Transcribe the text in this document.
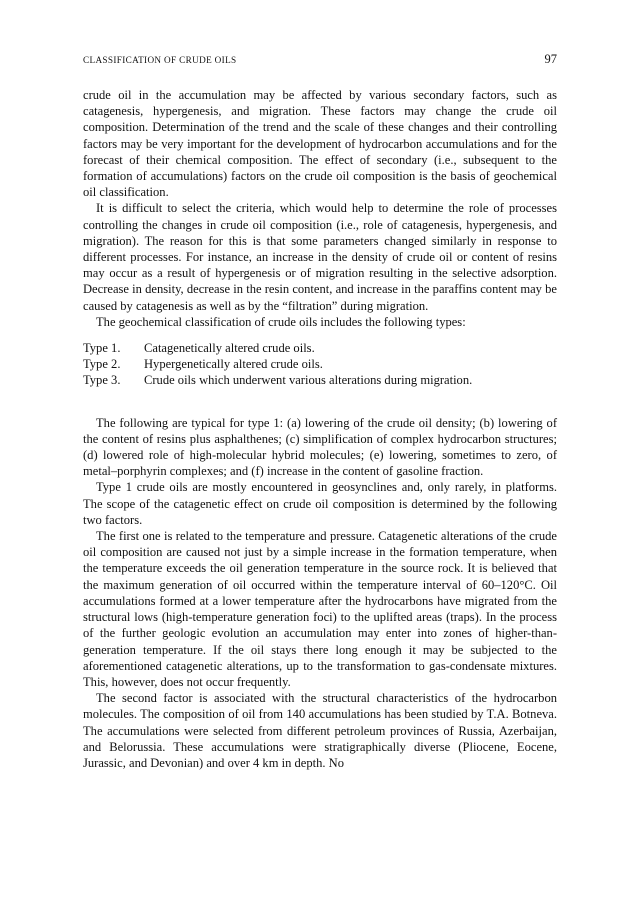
CLASSIFICATION OF CRUDE OILS	97

crude oil in the accumulation may be affected by various secondary factors, such as catagenesis, hypergenesis, and migration. These factors may change the crude oil composition. Determination of the trend and the scale of these changes and their controlling factors may be very important for the development of hydrocarbon accumulations and for the forecast of their chemical composition. The effect of secondary (i.e., subsequent to the formation of accumulations) factors on the crude oil composition is the basis of geochemical oil classification.

It is difficult to select the criteria, which would help to determine the role of processes controlling the changes in crude oil composition (i.e., role of catagenesis, hypergenesis, and migration). The reason for this is that some parameters changed similarly in response to different processes. For instance, an increase in the density of crude oil or content of resins may occur as a result of hypergenesis or of migration resulting in the selective adsorption. Decrease in density, decrease in the resin content, and increase in the paraffins content may be caused by catagenesis as well as by the “filtration” during migration.

The geochemical classification of crude oils includes the following types:

Type 1.	Catagenetically altered crude oils.
Type 2.	Hypergenetically altered crude oils.
Type 3.	Crude oils which underwent various alterations during migration.

The following are typical for type 1: (a) lowering of the crude oil density; (b) lowering of the content of resins plus asphalthenes; (c) simplification of complex hydrocarbon structures; (d) lowered role of high-molecular hybrid molecules; (e) lowering, sometimes to zero, of metal–porphyrin complexes; and (f) increase in the content of gasoline fraction.

Type 1 crude oils are mostly encountered in geosynclines and, only rarely, in platforms. The scope of the catagenetic effect on crude oil composition is determined by the following two factors.

The first one is related to the temperature and pressure. Catagenetic alterations of the crude oil composition are caused not just by a simple increase in the formation temperature, when the temperature exceeds the oil generation temperature in the source rock. It is believed that the maximum generation of oil occurred within the temperature interval of 60–120°C. Oil accumulations formed at a lower temperature after the hydrocarbons have migrated from the structural lows (high-temperature generation foci) to the uplifted areas (traps). In the process of the further geologic evolution an accumulation may enter into zones of higher-than-generation temperature. If the oil stays there long enough it may be subjected to the aforementioned catagenetic alterations, up to the transformation to gas-condensate mixtures. This, however, does not occur frequently.

The second factor is associated with the structural characteristics of the hydrocarbon molecules. The composition of oil from 140 accumulations has been studied by T.A. Botneva. The accumulations were selected from different petroleum provinces of Russia, Azerbaijan, and Belorussia. These accumulations were stratigraphically diverse (Pliocene, Eocene, Jurassic, and Devonian) and over 4 km in depth. No
